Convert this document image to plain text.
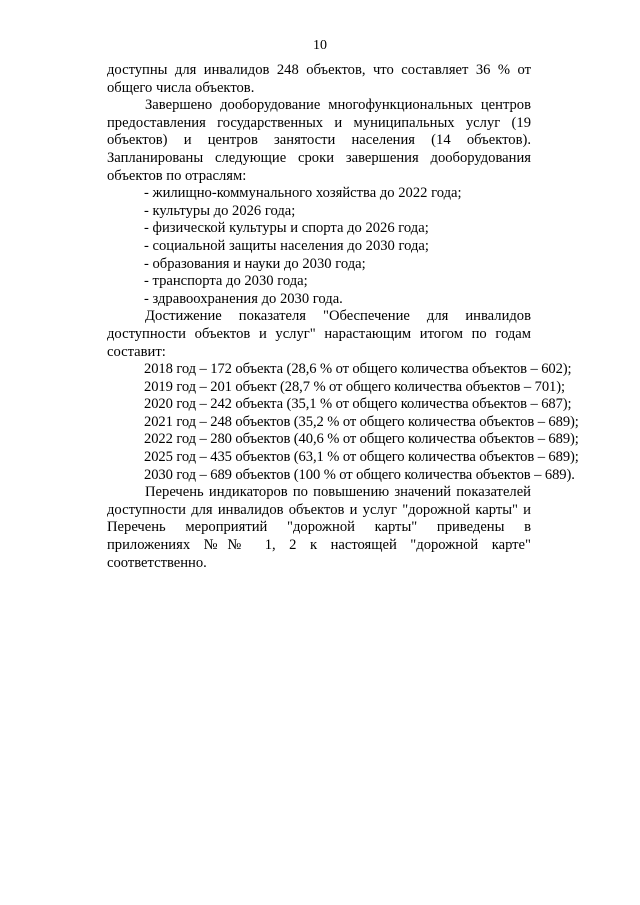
10

доступны для инвалидов 248 объектов, что составляет 36 % от общего числа объектов.

Завершено дооборудование многофункциональных центров

предоставления государственных и муниципальных услуг (19 объектов) и центров занятости населения (14 объектов). Запланированы следующие сроки завершения дооборудования объектов по отраслям:

- жилищно-коммунального хозяйства до 2022 года;

- культуры до 2026 года;

- физической культуры и спорта до 2026 года;

- социальной защиты населения до 2030 года;

- образования и науки до 2030 года;

- транспорта до 2030 года;

- здравоохранения до 2030 года.

Достижение показателя "Обеспечение для инвалидов доступности объектов и услуг" нарастающим итогом по годам составит:

2018 год – 172 объекта (28,6 % от общего количества объектов – 602);

2019 год – 201 объект (28,7 % от общего количества объектов – 701);

2020 год – 242 объекта (35,1 % от общего количества объектов – 687);

2021 год – 248 объектов (35,2 % от общего количества объектов – 689);

2022 год – 280 объектов (40,6 % от общего количества объектов – 689);

2025 год – 435 объектов (63,1 % от общего количества объектов – 689);

2030 год – 689 объектов (100 % от общего количества объектов – 689).

Перечень индикаторов по повышению значений показателей

доступности для инвалидов объектов и услуг "дорожной карты" и Перечень мероприятий "дорожной карты" приведены в приложениях №№ 1, 2 к настоящей "дорожной карте" соответственно.
